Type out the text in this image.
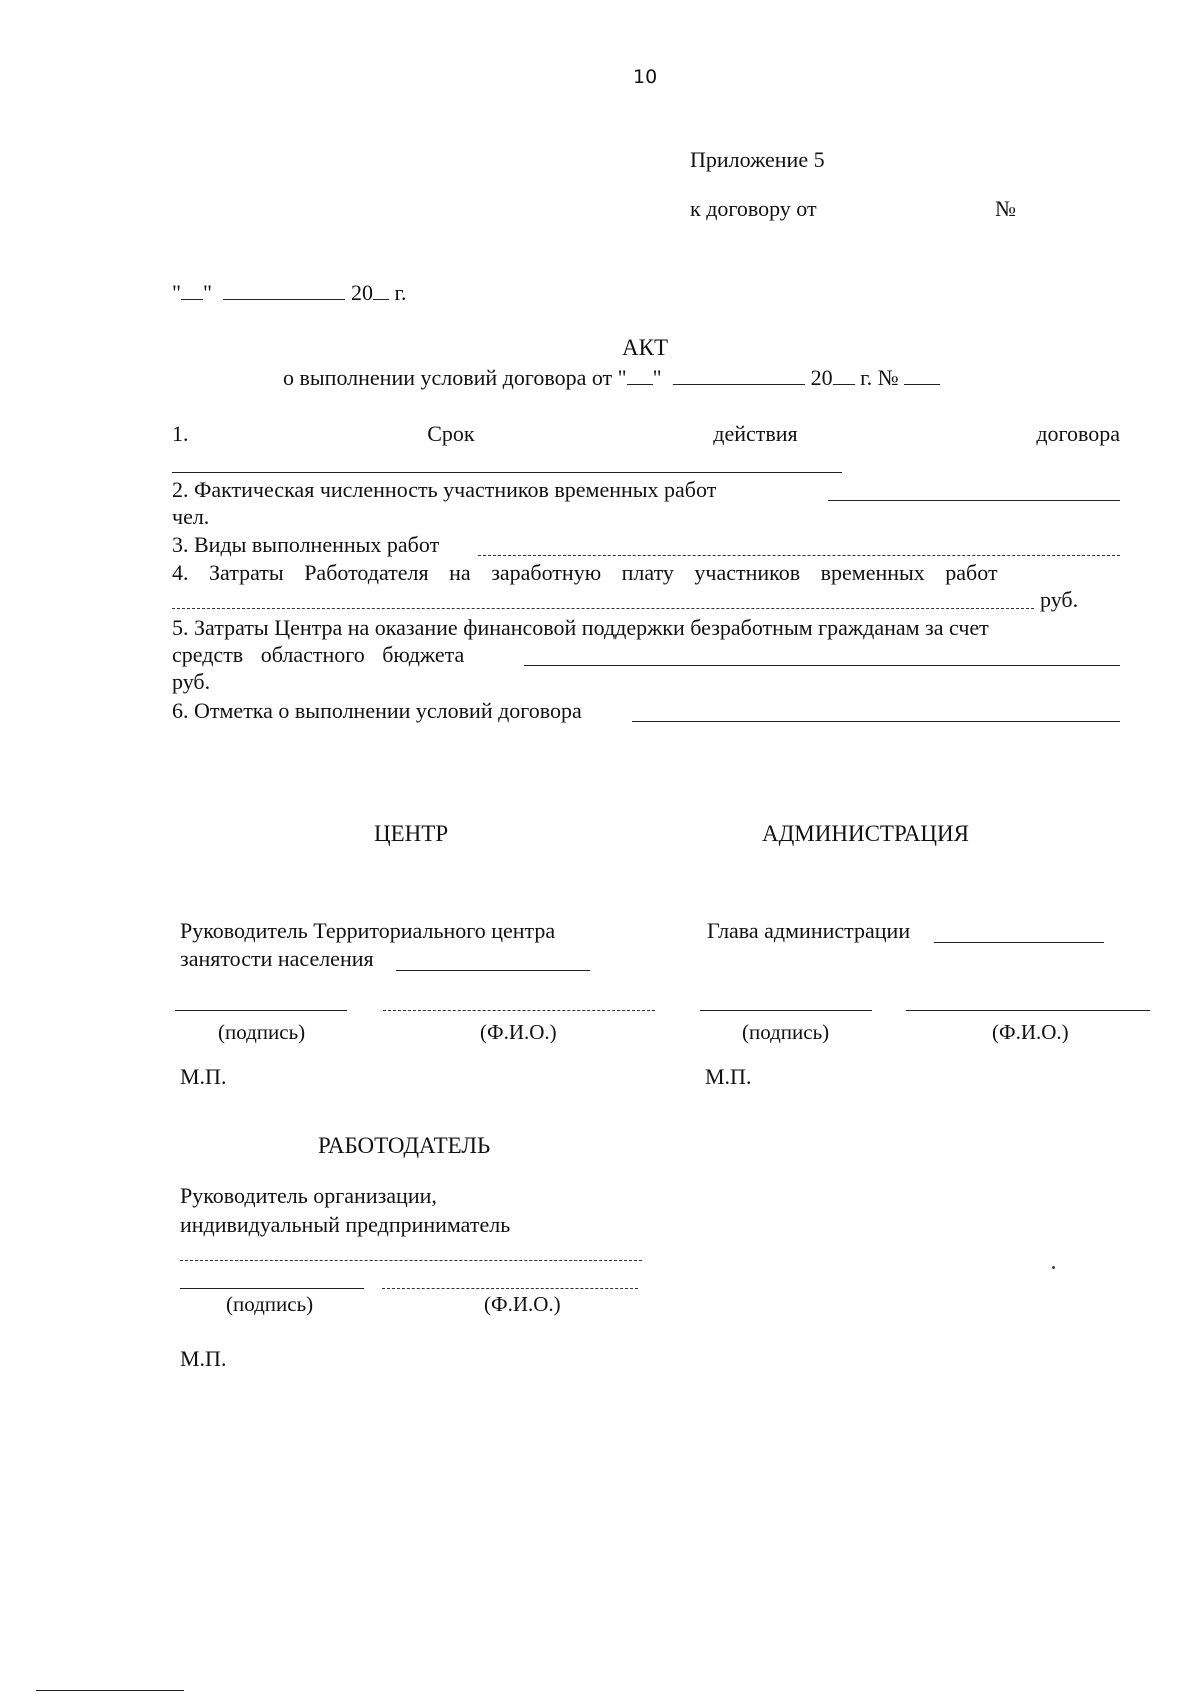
10
Приложение 5
к договору от	№
" "	20 г.
АКТ
о выполнении условий договора от " "	20 г. №
1.	Срок	действия	договора
2. Фактическая численность участников временных работ
чел.
3. Виды выполненных работ
4. Затраты Работодателя на заработную плату участников временных работ
руб.
5. Затраты Центра на оказание финансовой поддержки безработным гражданам за счет
средств областного бюджета
руб.
6. Отметка о выполнении условий договора
ЦЕНТР	АДМИНИСТРАЦИЯ
Руководитель Территориального центра
занятости населения
Глава администрации
(подпись)	(Ф.И.О.)	(подпись)	(Ф.И.О.)
М.П.	М.П.
РАБОТОДАТЕЛЬ
Руководитель организации,
индивидуальный предприниматель
(подпись)	(Ф.И.О.)
М.П.
